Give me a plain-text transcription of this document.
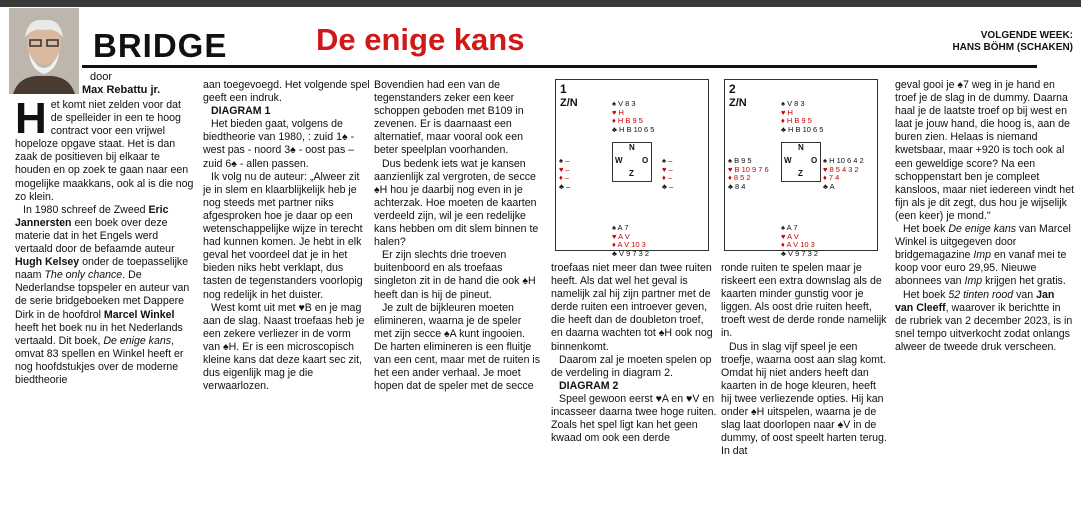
BRIDGE	De enige kans	VOLGENDE WEEK:
HANS BÖHM (SCHAKEN)
door
Max Rebattu jr.

Het komt niet zelden voor dat de spelleider in een te hoog contract voor een vrijwel hopeloze opgave staat. Het is dan zaak de positieven bij elkaar te houden en op zoek te gaan naar een mogelijke maakkans, ook al is die nog zo klein.

In 1980 schreef de Zweed Eric Jannersten een boek over deze materie dat in het Engels werd vertaald door de befaamde auteur Hugh Kelsey onder de toepasselijke naam The only chance. De Nederlandse topspeler en auteur van de serie bridgeboeken met Dappere Dirk in de hoofdrol Marcel Winkel heeft het boek nu in het Nederlands vertaald. Dit boek, De enige kans, omvat 83 spellen en Winkel heeft er nog hoofdstukjes over de moderne biedtheorie

aan toegevoegd. Het volgende spel geeft een indruk.

DIAGRAM 1

Het bieden gaat, volgens de biedtheorie van 1980, : zuid 1♠ - west pas - noord 3♠ - oost pas – zuid 6♠ - allen passen.

Ik volg nu de auteur: „Alweer zit je in slem en klaarblijkelijk heb je nog steeds met partner niks afgesproken hoe je daar op een wetenschappelijke wijze in terecht had kunnen komen. Je hebt in elk geval het voordeel dat je in het bieden niks hebt verklapt, dus tasten de tegenstanders voorlopig nog redelijk in het duister.

West komt uit met ♥B en je mag aan de slag. Naast troefaas heb je een zekere verliezer in de vorm van ♠H. Er is een microscopisch kleine kans dat deze kaart sec zit, dus eigenlijk mag je die verwaarlozen.

Bovendien had een van de tegenstanders zeker een keer schoppen geboden met B109 in zevenen. Er is daarnaast een alternatief, maar vooral ook een beter speelplan voorhanden.

Dus bedenk iets wat je kansen aanzienlijk zal vergroten, de secce ♠H hou je daarbij nog even in je achterzak. Hoe moeten de kaarten verdeeld zijn, wil je een redelijke kans hebben om dit slem binnen te halen?

Er zijn slechts drie troeven buitenboord en als troefaas singleton zit in de hand die ook ♠H heeft dan is hij de pineut.

Je zult de bijkleuren moeten elimineren, waarna je de speler met zijn secce ♠A kunt ingooien. De harten elimineren is een fluitje van een cent, maar met de ruiten is het een ander verhaal. Je moet hopen dat de speler met de secce

1
Z/N

	♠ V 8 3
♥ H
♦ H B 9 5
♣ H B 10 6 5

♠ –
♥ –
♦ –
♣ –

N
W O
Z

♠ –
♥ –
♦ –
♣ –

♠ A 7
♥ A V
♦ A V 10 3
♣ V 9 7 3 2

2
Z/N

	♠ V 8 3
♥ H
♦ H B 9 5
♣ H B 10 6 5

♠ B 9 5
♥ B 10 9 7 6
♦ 8 5 2
♣ 8 4

N
W O
Z

♠ H 10 6 4 2
♥ 8 5 4 3 2
♦ 7 4
♣ A

♠ A 7
♥ A V
♦ A V 10 3
♣ V 9 7 3 2

troefaas niet meer dan twee ruiten heeft. Als dat wel het geval is namelijk zal hij zijn partner met de derde ruiten een introever geven, die heeft dan de doubleton troef, en daarna wachten tot ♠H ook nog binnenkomt.

Daarom zal je moeten spelen op de verdeling in diagram 2.

DIAGRAM 2

Speel gewoon eerst ♥A en ♥V en incasseer daarna twee hoge ruiten. Zoals het spel ligt kan het geen kwaad om ook een derde

ronde ruiten te spelen maar je riskeert een extra downslag als de kaarten minder gunstig voor je liggen. Als oost drie ruiten heeft, troeft west de derde ronde namelijk in.

Dus in slag vijf speel je een troefje, waarna oost aan slag komt. Omdat hij niet anders heeft dan kaarten in de hoge kleuren, heeft hij twee verliezende opties. Hij kan onder ♠H uitspelen, waarna je de slag laat doorlopen naar ♠V in de dummy, of oost speelt harten terug. In dat

geval gooi je ♠7 weg in je hand en troef je de slag in de dummy. Daarna haal je de laatste troef op bij west en laat je jouw hand, die hoog is, aan de buren zien. Helaas is niemand kwetsbaar, maar +920 is toch ook al een geweldige score? Na een schoppenstart ben je compleet kansloos, maar niet iedereen vindt het fijn als je dit zegt, dus hou je wijselijk (een keer) je mond."

Het boek De enige kans van Marcel Winkel is uitgegeven door bridgemagazine Imp en vanaf mei te koop voor euro 29,95. Nieuwe abonnees van Imp krijgen het gratis.

Het boek 52 tinten rood van Jan van Cleeff, waarover ik berichtte in de rubriek van 2 december 2023, is in snel tempo uitverkocht zodat onlangs alweer de tweede druk verscheen.
